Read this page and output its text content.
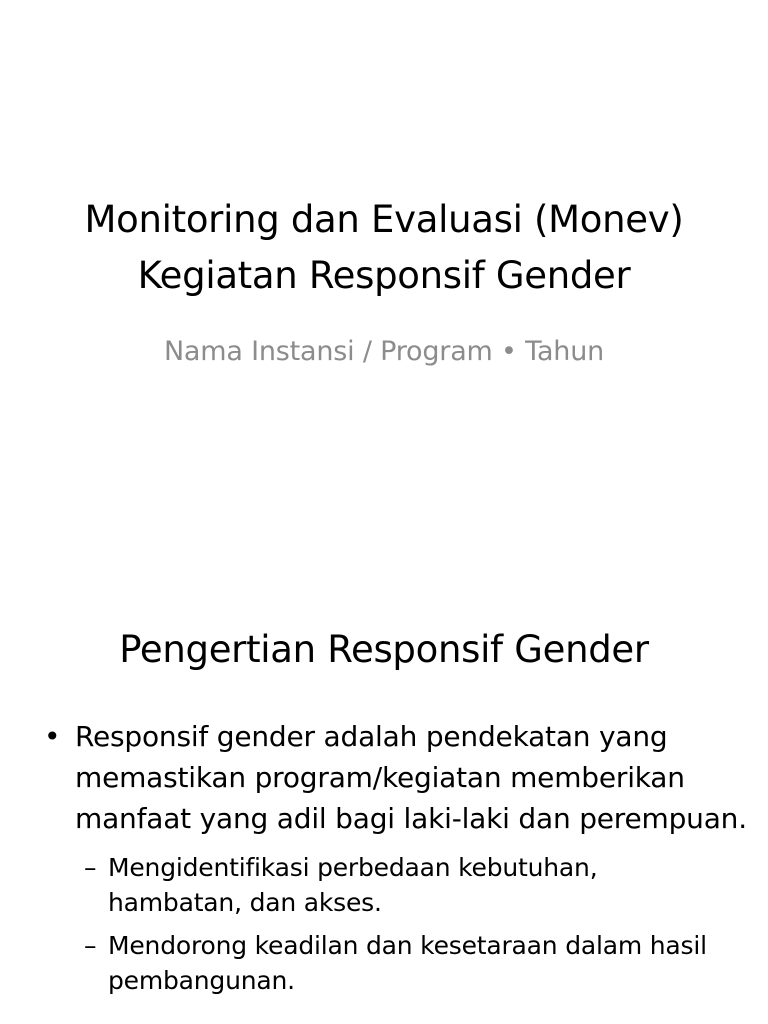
Monitoring dan Evaluasi (Monev)
Kegiatan Responsif Gender
Nama Instansi / Program • Tahun
Pengertian Responsif Gender
• Responsif gender adalah pendekatan yang memastikan program/kegiatan memberikan manfaat yang adil bagi laki-laki dan perempuan.
– Mengidentifikasi perbedaan kebutuhan, hambatan, dan akses.
– Mendorong keadilan dan kesetaraan dalam hasil pembangunan.
